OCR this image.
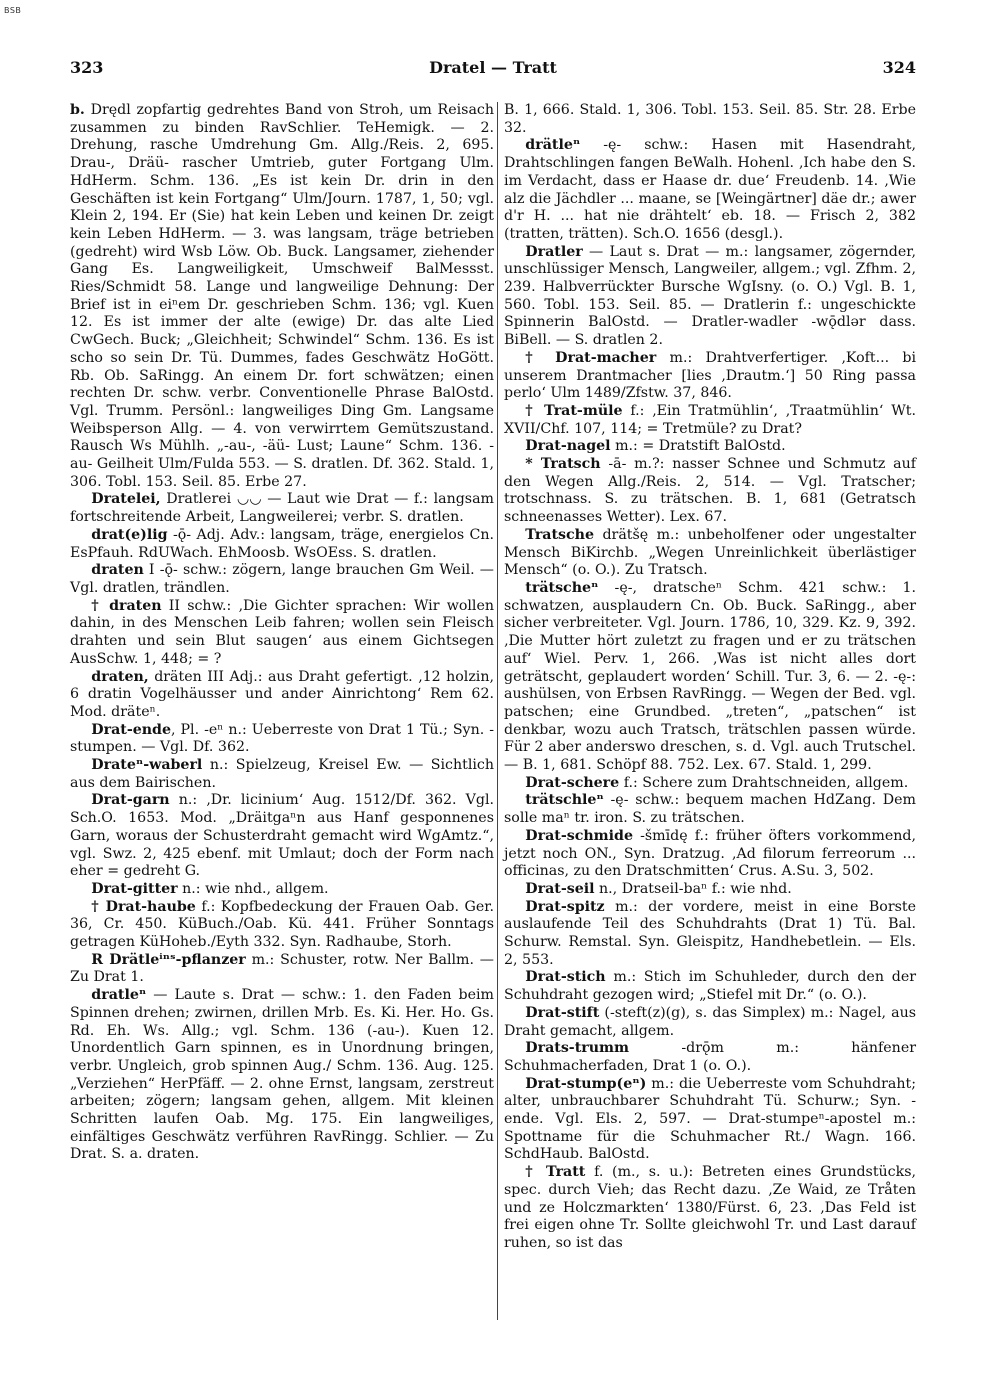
BSB
323	Dratel — Tratt	324

b. Drędl zopfartig gedrehtes Band von Stroh, um Reisach zusammen zu binden RavSchlier. TeHemigk. — 2. Drehung, rasche Umdrehung Gm. Allg./Reis. 2, 695. Drau-, Dräü- rascher Umtrieb, guter Fortgang Ulm. HdHerm. Schm. 136. „Es ist kein Dr. drin in den Geschäften ist kein Fortgang“ Ulm/Journ. 1787, 1, 50; vgl. Klein 2, 194. Er (Sie) hat kein Leben und keinen Dr. zeigt kein Leben HdHerm. — 3. was langsam, träge betrieben (gedreht) wird Wsb Löw. Ob. Buck. Langsamer, ziehender Gang Es. Langweiligkeit, Umschweif BalMessst. Ries/Schmidt 58. Lange und langweilige Dehnung: Der Brief ist in eiⁿem Dr. geschrieben Schm. 136; vgl. Kuen 12. Es ist immer der alte (ewige) Dr. das alte Lied CwGech. Buck; „Gleichheit; Schwindel“ Schm. 136. Es ist scho so sein Dr. Tü. Dummes, fades Geschwätz HoGött. Rb. Ob. SaRingg. An einem Dr. fort schwätzen; einen rechten Dr. schw. verbr. Conventionelle Phrase BalOstd. Vgl. Trumm. Persönl.: langweiliges Ding Gm. Langsame Weibsperson Allg. — 4. von verwirrtem Gemütszustand. Rausch Ws Mühlh. „-au-, -äü- Lust; Laune“ Schm. 136. -au- Geilheit Ulm/Fulda 553. — S. dratlen. Df. 362. Stald. 1, 306. Tobl. 153. Seil. 85. Erbe 27.

Dratelei, Dratlerei ◡◡ — Laut wie Drat — f.: langsam fortschreitende Arbeit, Langweilerei; verbr. S. dratlen.

drat(e)lig -ǭ- Adj. Adv.: langsam, träge, energielos Cn. EsPfauh. RdUWach. EhMoosb. WsOEss. S. dratlen.

draten I -ǭ- schw.: zögern, lange brauchen Gm Weil. — Vgl. dratlen, trändlen.

† draten II schw.: ‚Die Gichter sprachen: Wir wollen dahin, in des Menschen Leib fahren; wollen sein Fleisch drahten und sein Blut saugen‘ aus einem Gichtsegen AusSchw. 1, 448; = ?

draten, dräten III Adj.: aus Draht gefertigt. ‚12 holzin, 6 dratin Vogelhäusser und ander Ainrichtong‘ Rem 62. Mod. dräteⁿ.

Drat-ende, Pl. -eⁿ n.: Ueberreste von Drat 1 Tü.; Syn. -stumpen. — Vgl. Df. 362.

Drateⁿ-waberl n.: Spielzeug, Kreisel Ew. — Sichtlich aus dem Bairischen.

Drat-garn n.: ‚Dr. licinium‘ Aug. 1512/Df. 362. Vgl. Sch.O. 1653. Mod. „Dräitgaⁿn aus Hanf gesponnenes Garn, woraus der Schusterdraht gemacht wird WgAmtz.“, vgl. Swz. 2, 425 ebenf. mit Umlaut; doch der Form nach eher = gedreht G.

Drat-gitter n.: wie nhd., allgem.

† Drat-haube f.: Kopfbedeckung der Frauen Oab. Ger. 36, Cr. 450. KüBuch./Oab. Kü. 441. Früher Sonntags getragen KüHoheb./Eyth 332. Syn. Radhaube, Storh.

R Drätleⁱⁿˢ-pflanzer m.: Schuster, rotw. Ner Ballm. — Zu Drat 1.

dratleⁿ — Laute s. Drat — schw.: 1. den Faden beim Spinnen drehen; zwirnen, drillen Mrb. Es. Ki. Her. Ho. Gs. Rd. Eh. Ws. Allg.; vgl. Schm. 136 (-au-). Kuen 12. Unordentlich Garn spinnen, es in Unordnung bringen, verbr. Ungleich, grob spinnen Aug./ Schm. 136. Aug. 125. „Verziehen“ HerPfäff. — 2. ohne Ernst, langsam, zerstreut arbeiten; zögern; langsam gehen, allgem. Mit kleinen Schritten laufen Oab. Mg. 175. Ein langweiliges, einfältiges Geschwätz verführen RavRingg. Schlier. — Zu Drat. S. a. draten.

B. 1, 666. Stald. 1, 306. Tobl. 153. Seil. 85. Str. 28. Erbe 32.

drätleⁿ -ę- schw.: Hasen mit Hasendraht, Drahtschlingen fangen BeWalh. Hohenl. ‚Ich habe den S. im Verdacht, dass er Haase dr. due‘ Freudenb. 14. ‚Wie alz die Jächdler ... maane, se [Weingärtner] däe dr.; awer d'r H. ... hat nie drähtelt‘ eb. 18. — Frisch 2, 382 (tratten, trätten). Sch.O. 1656 (desgl.).

Dratler — Laut s. Drat — m.: langsamer, zögernder, unschlüssiger Mensch, Langweiler, allgem.; vgl. Zfhm. 2, 239. Halbverrückter Bursche WgIsny. (o. O.) Vgl. B. 1, 560. Tobl. 153. Seil. 85. — Dratlerin f.: ungeschickte Spinnerin BalOstd. — Dratler-wadler -wǭdlər dass. BiBell. — S. dratlen 2.

† Drat-macher m.: Drahtverfertiger. ‚Koft... bi unserem Drantmacher [lies ‚Drautm.‘] 50 Ring passa perlo‘ Ulm 1489/Zfstw. 37, 846.

† Trat-müle f.: ‚Ein Tratmühlin‘, ‚Traatmühlin‘ Wt. XVII/Chf. 107, 114; = Tretmüle? zu Drat?

Drat-nagel m.: = Dratstift BalOstd.

* Tratsch -ā- m.?: nasser Schnee und Schmutz auf den Wegen Allg./Reis. 2, 514. — Vgl. Tratscher; trotschnass. S. zu trätschen. B. 1, 681 (Getratsch schneenasses Wetter). Lex. 67.

Tratsche drätšę m.: unbeholfener oder ungestalter Mensch BiKirchb. „Wegen Unreinlichkeit überlästiger Mensch“ (o. O.). Zu Tratsch.

trätscheⁿ -ę-, dratscheⁿ Schm. 421 schw.: 1. schwatzen, ausplaudern Cn. Ob. Buck. SaRingg., aber sicher verbreiteter. Vgl. Journ. 1786, 10, 329. Kz. 9, 392. ‚Die Mutter hört zuletzt zu fragen und er zu trätschen auf‘ Wiel. Perv. 1, 266. ‚Was ist nicht alles dort geträtscht, geplaudert worden‘ Schill. Tur. 3, 6. — 2. -ę-: aushülsen, von Erbsen RavRingg. — Wegen der Bed. vgl. patschen; eine Grundbed. „treten“, „patschen“ ist denkbar, wozu auch Tratsch, trätschlen passen würde. Für 2 aber anderswo dreschen, s. d. Vgl. auch Trutschel. — B. 1, 681. Schöpf 88. 752. Lex. 67. Stald. 1, 299.

Drat-schere f.: Schere zum Drahtschneiden, allgem.

trätschleⁿ -ę- schw.: bequem machen HdZang. Dem solle maⁿ tr. iron. S. zu trätschen.

Drat-schmide -šmīdę f.: früher öfters vorkommend, jetzt noch ON., Syn. Dratzug. ‚Ad filorum ferreorum ... officinas, zu den Dratschmitten‘ Crus. A.Su. 3, 502.

Drat-seil n., Dratseil-baⁿ f.: wie nhd.

Drat-spitz m.: der vordere, meist in eine Borste auslaufende Teil des Schuhdrahts (Drat 1) Tü. Bal. Schurw. Remstal. Syn. Gleispitz, Handhebetlein. — Els. 2, 553.

Drat-stich m.: Stich im Schuhleder, durch den der Schuhdraht gezogen wird; „Stiefel mit Dr.“ (o. O.).

Drat-stift (-steft(z)(g), s. das Simplex) m.: Nagel, aus Draht gemacht, allgem.

Drats-trumm -drǭm m.: hänfener Schuhmacherfaden, Drat 1 (o. O.).

Drat-stump(eⁿ) m.: die Ueberreste vom Schuhdraht; alter, unbrauchbarer Schuhdraht Tü. Schurw.; Syn. -ende. Vgl. Els. 2, 597. — Drat-stumpeⁿ-apostel m.: Spottname für die Schuhmacher Rt./ Wagn. 166. SchdHaub. BalOstd.

† Tratt f. (m., s. u.): Betreten eines Grundstücks, spec. durch Vieh; das Recht dazu. ‚Ze Waid, ze Tråten und ze Holczmarkten‘ 1380/Fürst. 6, 23. ‚Das Feld ist frei eigen ohne Tr. Sollte gleichwohl Tr. und Last darauf ruhen, so ist das
